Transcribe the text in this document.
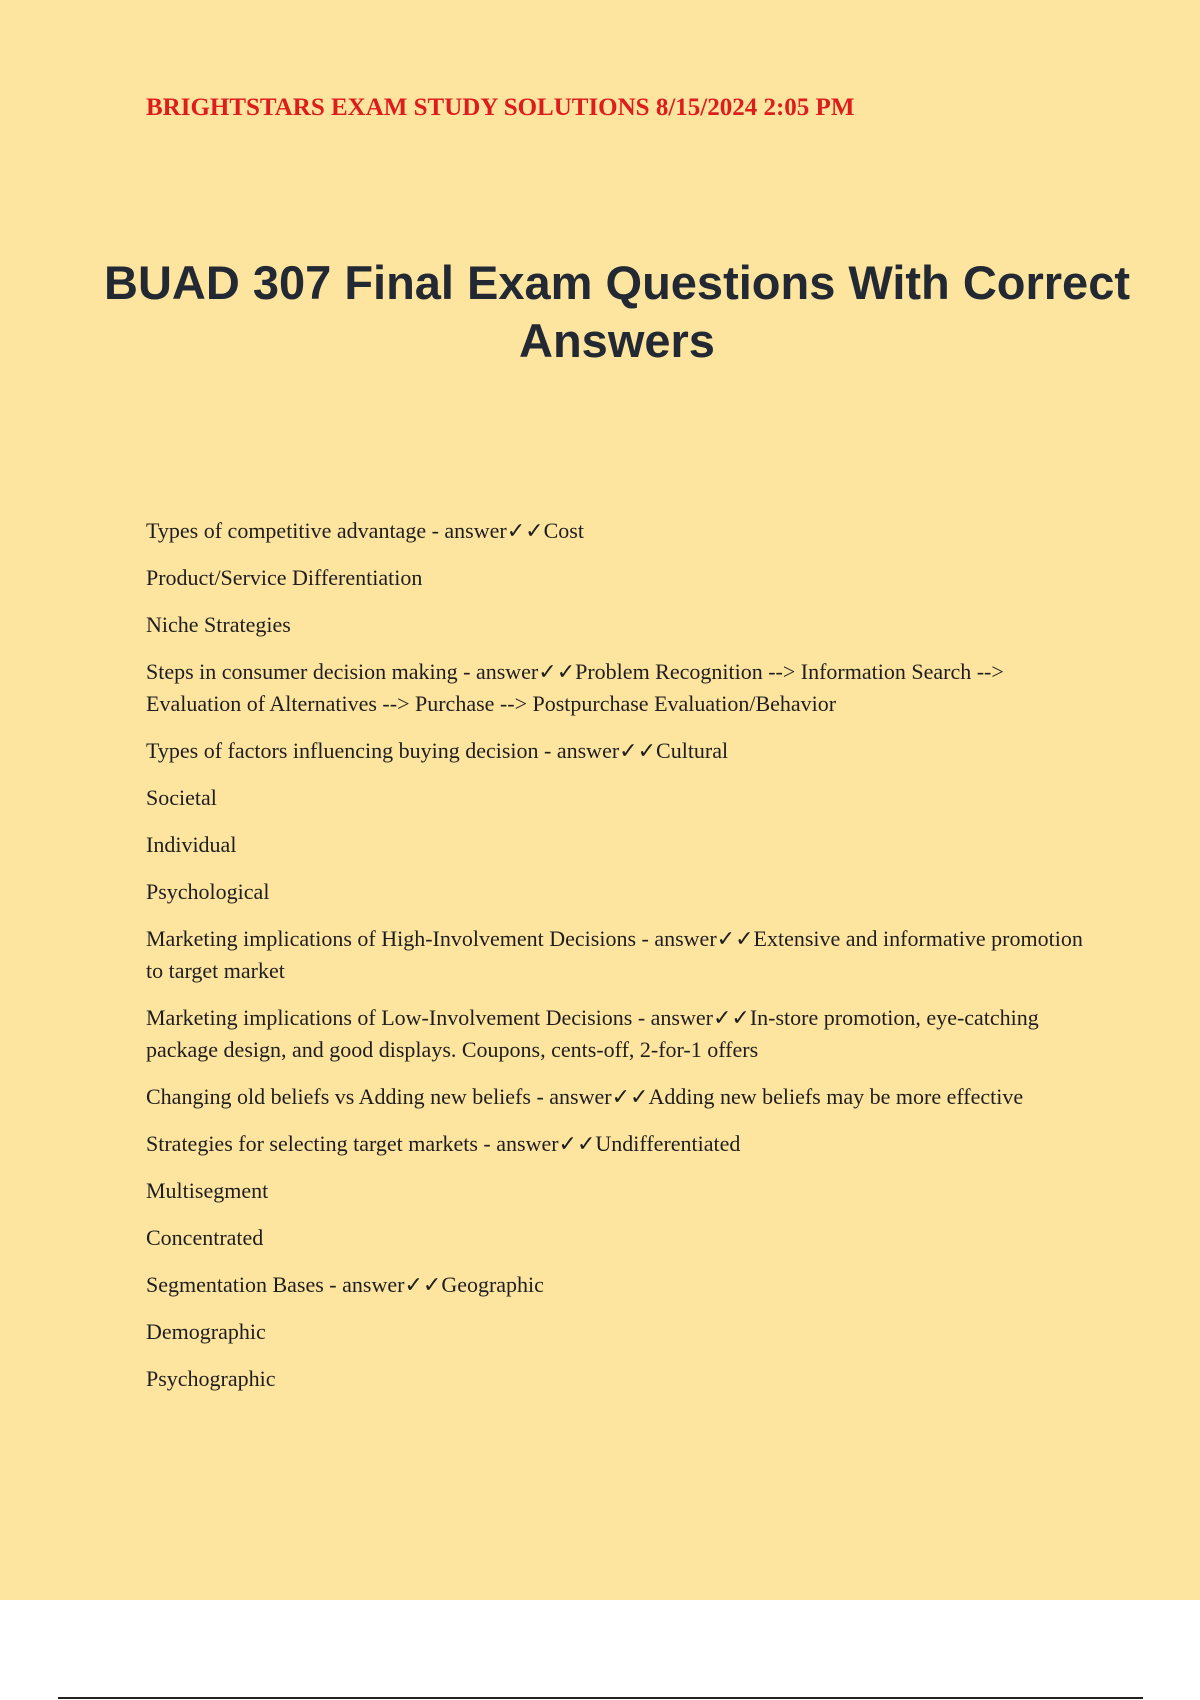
BRIGHTSTARS EXAM STUDY SOLUTIONS 8/15/2024 2:05 PM
BUAD 307 Final Exam Questions With Correct Answers
Types of competitive advantage - answer✓✓Cost
Product/Service Differentiation
Niche Strategies
Steps in consumer decision making - answer✓✓Problem Recognition --> Information Search --> Evaluation of Alternatives --> Purchase --> Postpurchase Evaluation/Behavior
Types of factors influencing buying decision - answer✓✓Cultural
Societal
Individual
Psychological
Marketing implications of High-Involvement Decisions - answer✓✓Extensive and informative promotion to target market
Marketing implications of Low-Involvement Decisions - answer✓✓In-store promotion, eye-catching package design, and good displays. Coupons, cents-off, 2-for-1 offers
Changing old beliefs vs Adding new beliefs - answer✓✓Adding new beliefs may be more effective
Strategies for selecting target markets - answer✓✓Undifferentiated
Multisegment
Concentrated
Segmentation Bases - answer✓✓Geographic
Demographic
Psychographic
